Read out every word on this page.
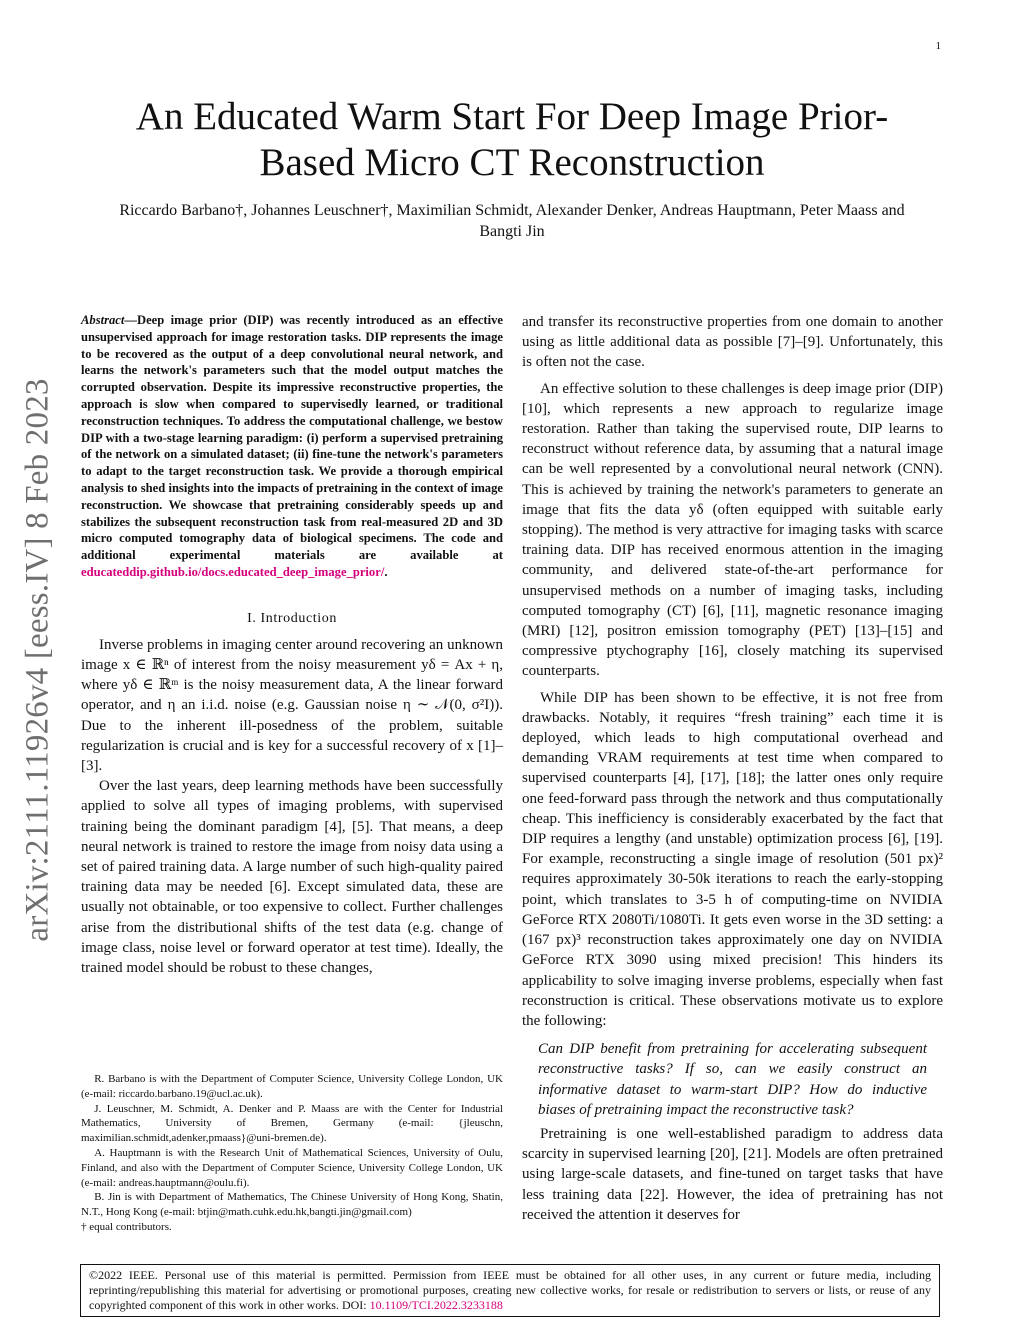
1
arXiv:2111.11926v4 [eess.IV] 8 Feb 2023
An Educated Warm Start For Deep Image Prior-Based Micro CT Reconstruction
Riccardo Barbano†, Johannes Leuschner†, Maximilian Schmidt, Alexander Denker, Andreas Hauptmann, Peter Maass and Bangti Jin

Abstract—Deep image prior (DIP) was recently introduced as an effective unsupervised approach for image restoration tasks. DIP represents the image to be recovered as the output of a deep convolutional neural network, and learns the network's parameters such that the model output matches the corrupted observation. Despite its impressive reconstructive properties, the approach is slow when compared to supervisedly learned, or traditional reconstruction techniques. To address the computational challenge, we bestow DIP with a two-stage learning paradigm: (i) perform a supervised pretraining of the network on a simulated dataset; (ii) fine-tune the network's parameters to adapt to the target reconstruction task. We provide a thorough empirical analysis to shed insights into the impacts of pretraining in the context of image reconstruction. We showcase that pretraining considerably speeds up and stabilizes the subsequent reconstruction task from real-measured 2D and 3D micro computed tomography data of biological specimens. The code and additional experimental materials are available at educateddip.github.io/docs.educated_deep_image_prior/.

I. Introduction

Inverse problems in imaging center around recovering an unknown image x ∈ ℝⁿ of interest from the noisy measurement yδ = Ax + η, where yδ ∈ ℝᵐ is the noisy measurement data, A the linear forward operator, and η an i.i.d. noise (e.g. Gaussian noise η ∼ 𝒩(0, σ²I)). Due to the inherent ill-posedness of the problem, suitable regularization is crucial and is key for a successful recovery of x [1]–[3].

Over the last years, deep learning methods have been successfully applied to solve all types of imaging problems, with supervised training being the dominant paradigm [4], [5]. That means, a deep neural network is trained to restore the image from noisy data using a set of paired training data. A large number of such high-quality paired training data may be needed [6]. Except simulated data, these are usually not obtainable, or too expensive to collect. Further challenges arise from the distributional shifts of the test data (e.g. change of image class, noise level or forward operator at test time). Ideally, the trained model should be robust to these changes,

R. Barbano is with the Department of Computer Science, University College London, UK (e-mail: riccardo.barbano.19@ucl.ac.uk).

J. Leuschner, M. Schmidt, A. Denker and P. Maass are with the Center for Industrial Mathematics, University of Bremen, Germany (e-mail: {jleuschn, maximilian.schmidt,adenker,pmaass}@uni-bremen.de).

A. Hauptmann is with the Research Unit of Mathematical Sciences, University of Oulu, Finland, and also with the Department of Computer Science, University College London, UK (e-mail: andreas.hauptmann@oulu.fi).

B. Jin is with Department of Mathematics, The Chinese University of Hong Kong, Shatin, N.T., Hong Kong (e-mail: btjin@math.cuhk.edu.hk,bangti.jin@gmail.com)

† equal contributors.

and transfer its reconstructive properties from one domain to another using as little additional data as possible [7]–[9]. Unfortunately, this is often not the case.

An effective solution to these challenges is deep image prior (DIP) [10], which represents a new approach to regularize image restoration. Rather than taking the supervised route, DIP learns to reconstruct without reference data, by assuming that a natural image can be well represented by a convolutional neural network (CNN). This is achieved by training the network's parameters to generate an image that fits the data yδ (often equipped with suitable early stopping). The method is very attractive for imaging tasks with scarce training data. DIP has received enormous attention in the imaging community, and delivered state-of-the-art performance for unsupervised methods on a number of imaging tasks, including computed tomography (CT) [6], [11], magnetic resonance imaging (MRI) [12], positron emission tomography (PET) [13]–[15] and compressive ptychography [16], closely matching its supervised counterparts.

While DIP has been shown to be effective, it is not free from drawbacks. Notably, it requires “fresh training” each time it is deployed, which leads to high computational overhead and demanding VRAM requirements at test time when compared to supervised counterparts [4], [17], [18]; the latter ones only require one feed-forward pass through the network and thus computationally cheap. This inefficiency is considerably exacerbated by the fact that DIP requires a lengthy (and unstable) optimization process [6], [19]. For example, reconstructing a single image of resolution (501 px)² requires approximately 30-50k iterations to reach the early-stopping point, which translates to 3-5 h of computing-time on NVIDIA GeForce RTX 2080Ti/1080Ti. It gets even worse in the 3D setting: a (167 px)³ reconstruction takes approximately one day on NVIDIA GeForce RTX 3090 using mixed precision! This hinders its applicability to solve imaging inverse problems, especially when fast reconstruction is critical. These observations motivate us to explore the following:

Can DIP benefit from pretraining for accelerating subsequent reconstructive tasks? If so, can we easily construct an informative dataset to warm-start DIP? How do inductive biases of pretraining impact the reconstructive task?

Pretraining is one well-established paradigm to address data scarcity in supervised learning [20], [21]. Models are often pretrained using large-scale datasets, and fine-tuned on target tasks that have less training data [22]. However, the idea of pretraining has not received the attention it deserves for

©2022 IEEE. Personal use of this material is permitted. Permission from IEEE must be obtained for all other uses, in any current or future media, including reprinting/republishing this material for advertising or promotional purposes, creating new collective works, for resale or redistribution to servers or lists, or reuse of any copyrighted component of this work in other works. DOI: 10.1109/TCI.2022.3233188
